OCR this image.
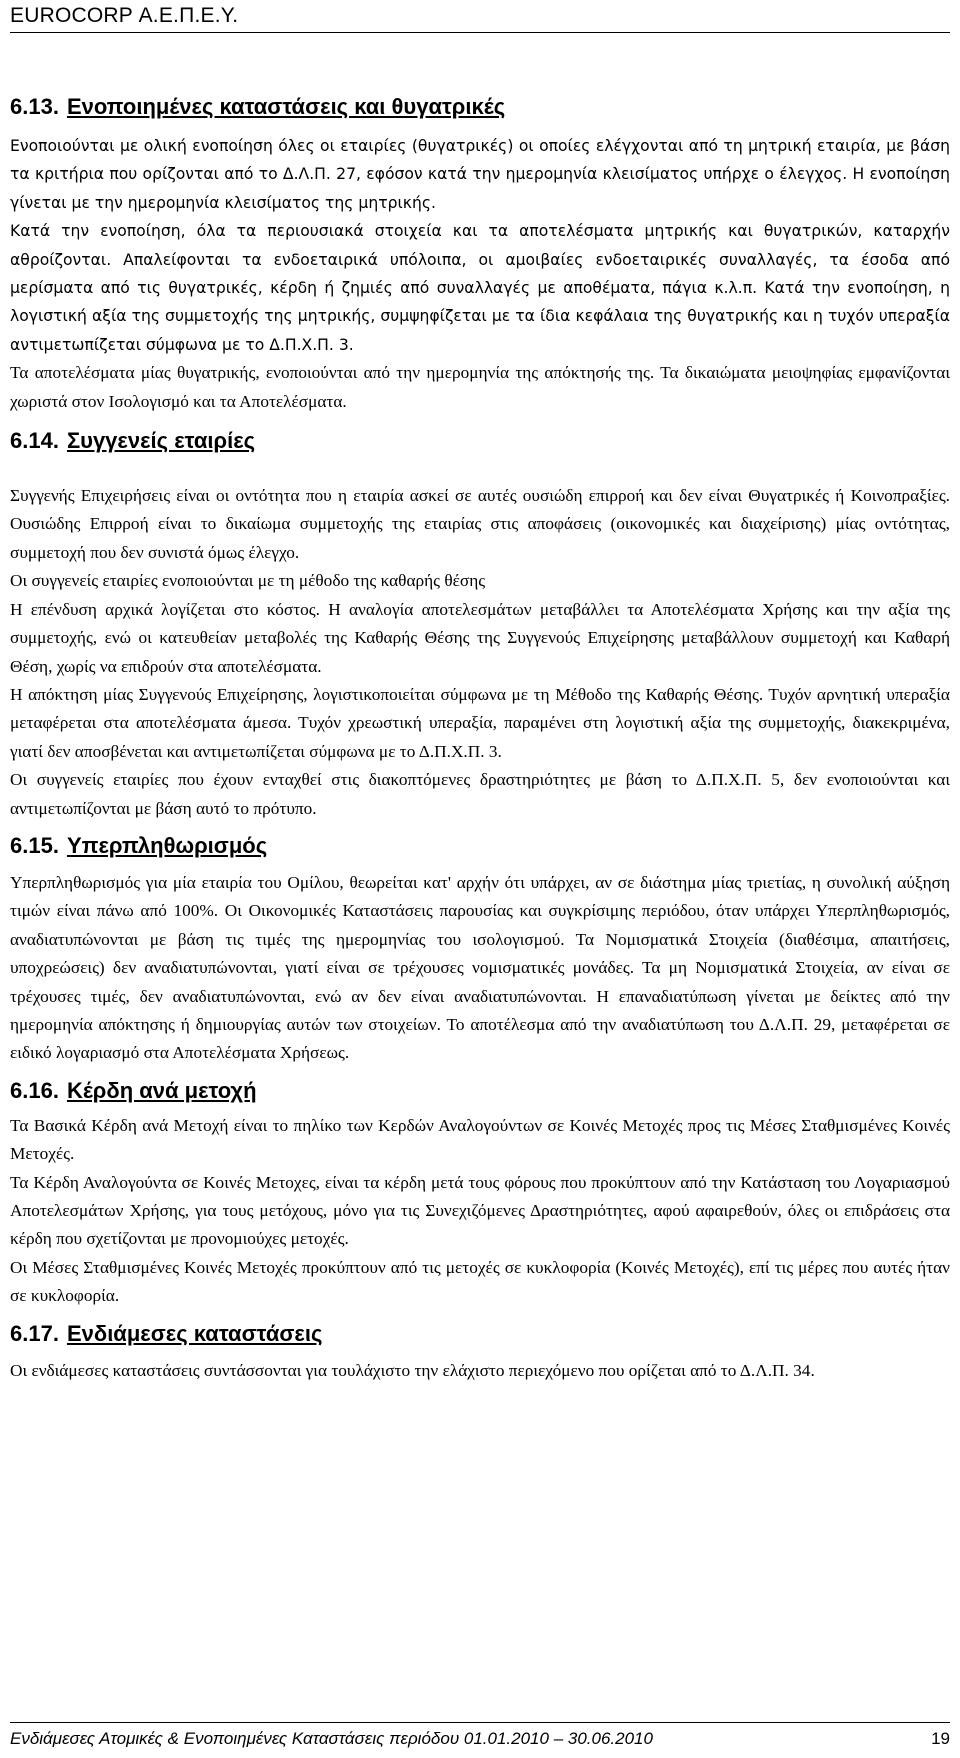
EUROCORP Α.Ε.Π.Ε.Υ.
6.13. Ενοποιημένες καταστάσεις και θυγατρικές

Ενοποιούνται με ολική ενοποίηση όλες οι εταιρίες (θυγατρικές) οι οποίες ελέγχονται από τη μητρική εταιρία, με βάση τα κριτήρια που ορίζονται από το Δ.Λ.Π. 27, εφόσον κατά την ημερομηνία κλεισίματος υπήρχε ο έλεγχος. Η ενοποίηση γίνεται με την ημερομηνία κλεισίματος της μητρικής.

Κατά την ενοποίηση, όλα τα περιουσιακά στοιχεία και τα αποτελέσματα μητρικής και θυγατρικών, καταρχήν αθροίζονται. Απαλείφονται τα ενδοεταιρικά υπόλοιπα, οι αμοιβαίες ενδοεταιρικές συναλλαγές, τα έσοδα από μερίσματα από τις θυγατρικές, κέρδη ή ζημιές από συναλλαγές με αποθέματα, πάγια κ.λ.π. Κατά την ενοποίηση, η λογιστική αξία της συμμετοχής της μητρικής, συμψηφίζεται με τα ίδια κεφάλαια της θυγατρικής και η τυχόν υπεραξία αντιμετωπίζεται σύμφωνα με το Δ.Π.Χ.Π. 3.

Τα αποτελέσματα μίας θυγατρικής, ενοποιούνται από την ημερομηνία της απόκτησής της. Τα δικαιώματα μειοψηφίας εμφανίζονται χωριστά στον Ισολογισμό και τα Αποτελέσματα.

6.14. Συγγενείς εταιρίες

Συγγενής Επιχειρήσεις είναι οι οντότητα που η εταιρία ασκεί σε αυτές ουσιώδη επιρροή και δεν είναι Θυγατρικές ή Κοινοπραξίες. Ουσιώδης Επιρροή είναι το δικαίωμα συμμετοχής της εταιρίας στις αποφάσεις (οικονομικές και διαχείρισης) μίας οντότητας, συμμετοχή που δεν συνιστά όμως έλεγχο.

Οι συγγενείς εταιρίες ενοποιούνται με τη μέθοδο της καθαρής θέσης

Η επένδυση αρχικά λογίζεται στο κόστος. Η αναλογία αποτελεσμάτων μεταβάλλει τα Αποτελέσματα Χρήσης και την αξία της συμμετοχής, ενώ οι κατευθείαν μεταβολές της Καθαρής Θέσης της Συγγενούς Επιχείρησης μεταβάλλουν συμμετοχή και Καθαρή Θέση, χωρίς να επιδρούν στα αποτελέσματα.

Η απόκτηση μίας Συγγενούς Επιχείρησης, λογιστικοποιείται σύμφωνα με τη Μέθοδο της Καθαρής Θέσης. Τυχόν αρνητική υπεραξία μεταφέρεται στα αποτελέσματα άμεσα. Τυχόν χρεωστική υπεραξία, παραμένει στη λογιστική αξία της συμμετοχής, διακεκριμένα, γιατί δεν αποσβένεται και αντιμετωπίζεται σύμφωνα με το Δ.Π.Χ.Π. 3.

Οι συγγενείς εταιρίες που έχουν ενταχθεί στις διακοπτόμενες δραστηριότητες με βάση το Δ.Π.Χ.Π. 5, δεν ενοποιούνται και αντιμετωπίζονται με βάση αυτό το πρότυπο.

6.15. Υπερπληθωρισμός

Υπερπληθωρισμός για μία εταιρία του Ομίλου, θεωρείται κατ' αρχήν ότι υπάρχει, αν σε διάστημα μίας τριετίας, η συνολική αύξηση τιμών είναι πάνω από 100%. Οι Οικονομικές Καταστάσεις παρουσίας και συγκρίσιμης περιόδου, όταν υπάρχει Υπερπληθωρισμός, αναδιατυπώνονται με βάση τις τιμές της ημερομηνίας του ισολογισμού. Τα Νομισματικά Στοιχεία (διαθέσιμα, απαιτήσεις, υποχρεώσεις) δεν αναδιατυπώνονται, γιατί είναι σε τρέχουσες νομισματικές μονάδες. Τα μη Νομισματικά Στοιχεία, αν είναι σε τρέχουσες τιμές, δεν αναδιατυπώνονται, ενώ αν δεν είναι αναδιατυπώνονται. Η επαναδιατύπωση γίνεται με δείκτες από την ημερομηνία απόκτησης ή δημιουργίας αυτών των στοιχείων. Το αποτέλεσμα από την αναδιατύπωση του Δ.Λ.Π. 29, μεταφέρεται σε ειδικό λογαριασμό στα Αποτελέσματα Χρήσεως.

6.16. Κέρδη ανά μετοχή

Τα Βασικά Κέρδη ανά Μετοχή είναι το πηλίκο των Κερδών Αναλογούντων σε Κοινές Μετοχές προς τις Μέσες Σταθμισμένες Κοινές Μετοχές.

Τα Κέρδη Αναλογούντα σε Κοινές Μετοχες, είναι τα κέρδη μετά τους φόρους που προκύπτουν από την Κατάσταση του Λογαριασμού Αποτελεσμάτων Χρήσης, για τους μετόχους, μόνο για τις Συνεχιζόμενες Δραστηριότητες, αφού αφαιρεθούν, όλες οι επιδράσεις στα κέρδη που σχετίζονται με προνομιούχες μετοχές.

Οι Μέσες Σταθμισμένες Κοινές Μετοχές προκύπτουν από τις μετοχές σε κυκλοφορία (Κοινές Μετοχές), επί τις μέρες που αυτές ήταν σε κυκλοφορία.

6.17. Ενδιάμεσες καταστάσεις

Οι ενδιάμεσες καταστάσεις συντάσσονται για τουλάχιστο την ελάχιστο περιεχόμενο που ορίζεται από το Δ.Λ.Π. 34.

Ενδιάμεσες Ατομικές & Ενοποιημένες Καταστάσεις περιόδου 01.01.2010 – 30.06.2010	19
